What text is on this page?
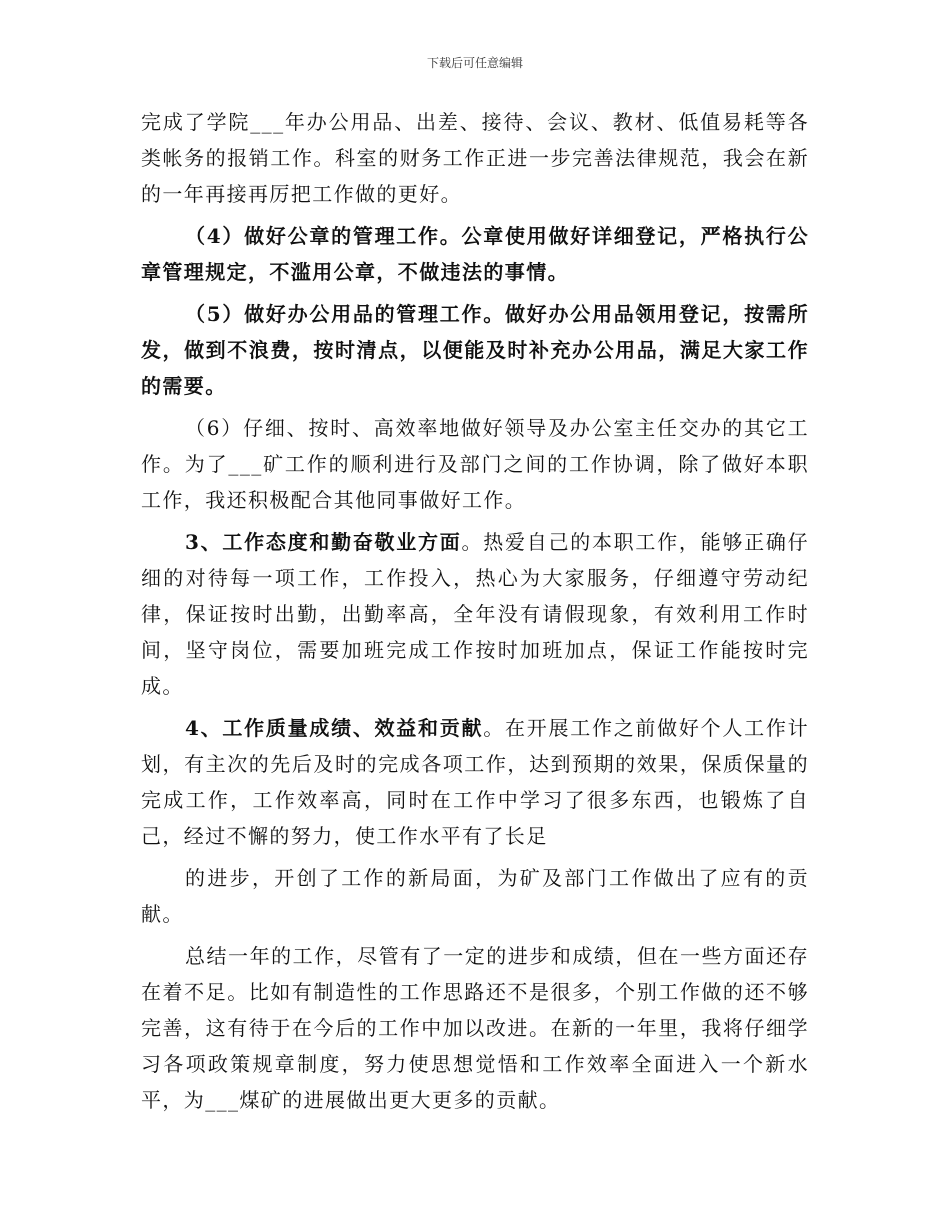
下载后可任意编辑

完成了学院___年办公用品、出差、接待、会议、教材、低值易耗等各类帐务的报销工作。科室的财务工作正进一步完善法律规范，我会在新的一年再接再厉把工作做的更好。

（4）做好公章的管理工作。公章使用做好详细登记，严格执行公章管理规定，不滥用公章，不做违法的事情。

（5）做好办公用品的管理工作。做好办公用品领用登记，按需所发，做到不浪费，按时清点，以便能及时补充办公用品，满足大家工作的需要。

（6）仔细、按时、高效率地做好领导及办公室主任交办的其它工作。为了___矿工作的顺利进行及部门之间的工作协调，除了做好本职工作，我还积极配合其他同事做好工作。

3、工作态度和勤奋敬业方面。热爱自己的本职工作，能够正确仔细的对待每一项工作，工作投入，热心为大家服务，仔细遵守劳动纪律，保证按时出勤，出勤率高，全年没有请假现象，有效利用工作时间，坚守岗位，需要加班完成工作按时加班加点，保证工作能按时完成。

4、工作质量成绩、效益和贡献。在开展工作之前做好个人工作计划，有主次的先后及时的完成各项工作，达到预期的效果，保质保量的完成工作，工作效率高，同时在工作中学习了很多东西，也锻炼了自己，经过不懈的努力，使工作水平有了长足

的进步，开创了工作的新局面，为矿及部门工作做出了应有的贡献。

总结一年的工作，尽管有了一定的进步和成绩，但在一些方面还存在着不足。比如有制造性的工作思路还不是很多，个别工作做的还不够完善，这有待于在今后的工作中加以改进。在新的一年里，我将仔细学习各项政策规章制度，努力使思想觉悟和工作效率全面进入一个新水平，为___煤矿的进展做出更大更多的贡献。
